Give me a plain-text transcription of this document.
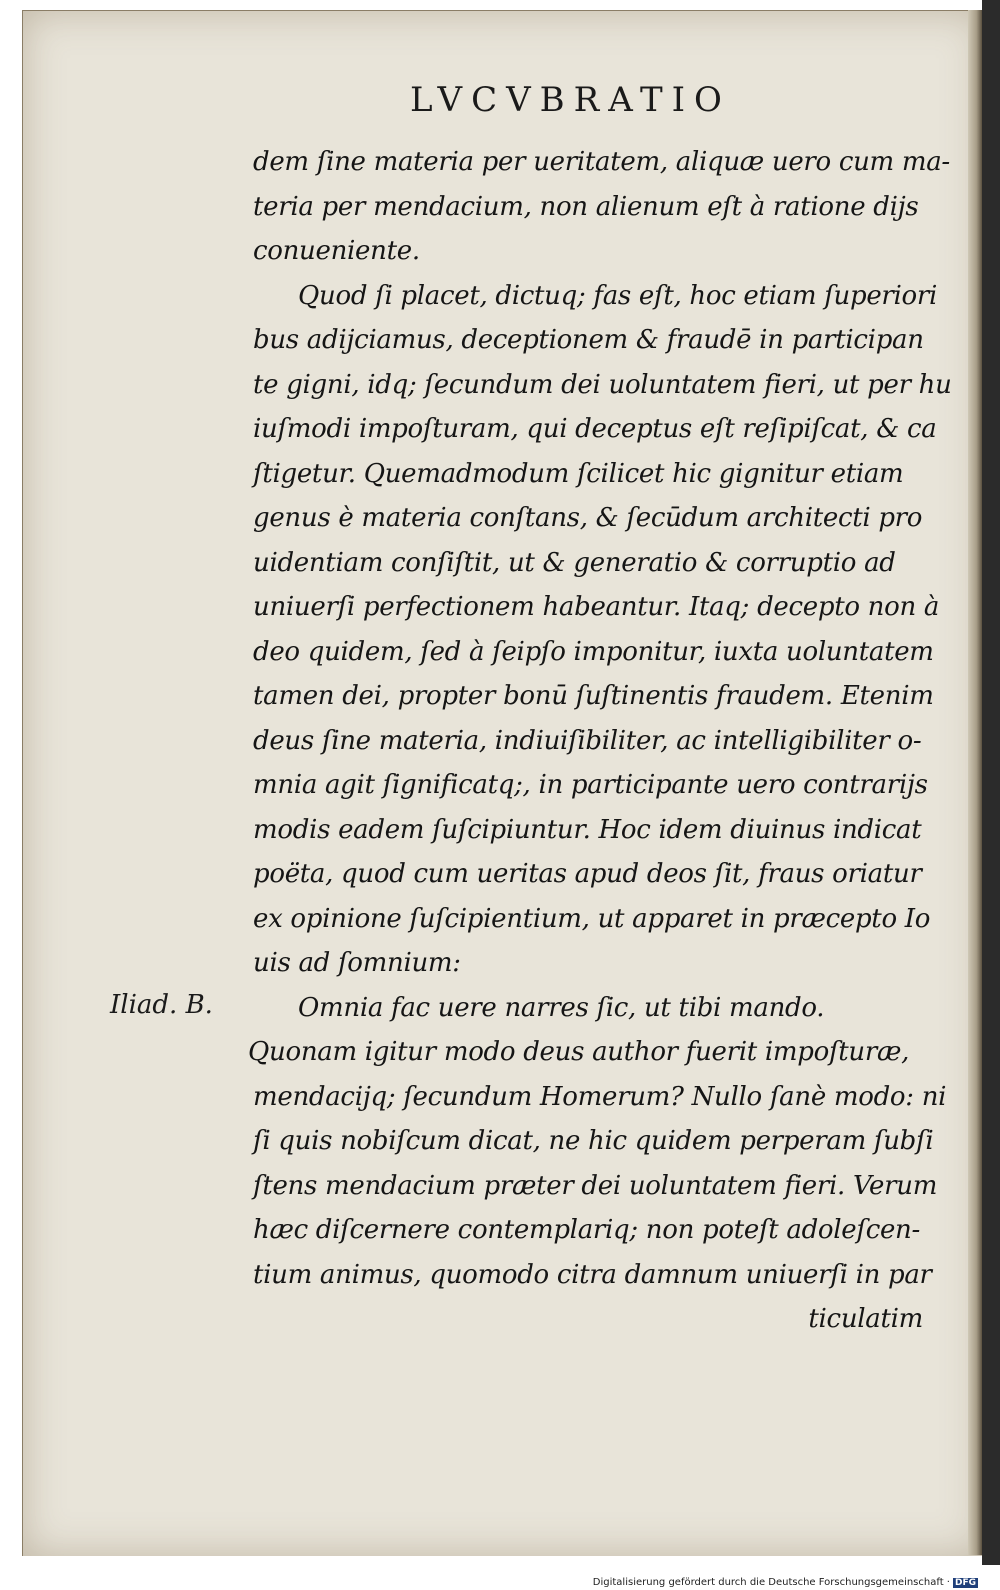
LVCVBRATIO
Iliad. B.
dem ſine materia per ueritatem, aliquæ uero cum ma-
teria per mendacium, non alienum eſt à ratione dijs
conueniente.
Quod ſi placet, dictuq; fas eſt, hoc etiam ſuperiori
bus adijciamus, deceptionem & fraudē in participan
te gigni, idq; ſecundum dei uoluntatem fieri, ut per hu
iuſmodi impoſturam, qui deceptus eſt reſipiſcat, & ca
ſtigetur. Quemadmodum ſcilicet hic gignitur etiam
genus è materia conſtans, & ſecūdum architecti pro
uidentiam conſiſtit, ut & generatio & corruptio ad
uniuerſi perfectionem habeantur. Itaq; decepto non à
deo quidem, ſed à ſeipſo imponitur, iuxta uoluntatem
tamen dei, propter bonū ſuſtinentis fraudem. Etenim
deus ſine materia, indiuiſibiliter, ac intelligibiliter o-
mnia agit ſignificatq;, in participante uero contrarijs
modis eadem ſuſcipiuntur. Hoc idem diuinus indicat
poëta, quod cum ueritas apud deos ſit, fraus oriatur
ex opinione ſuſcipientium, ut apparet in præcepto Io
uis ad ſomnium:
Omnia fac uere narres ſic, ut tibi mando.
Quonam igitur modo deus author fuerit impoſturæ,
mendacijq; ſecundum Homerum? Nullo ſanè modo: ni
ſi quis nobiſcum dicat, ne hic quidem perperam ſubſi
ſtens mendacium præter dei uoluntatem fieri. Verum
hæc diſcernere contemplariq; non poteſt adoleſcen-
tium animus, quomodo citra damnum uniuerſi in par
ticulatim
Digitalisierung gefördert durch die Deutsche Forschungsgemeinschaft · DFG
